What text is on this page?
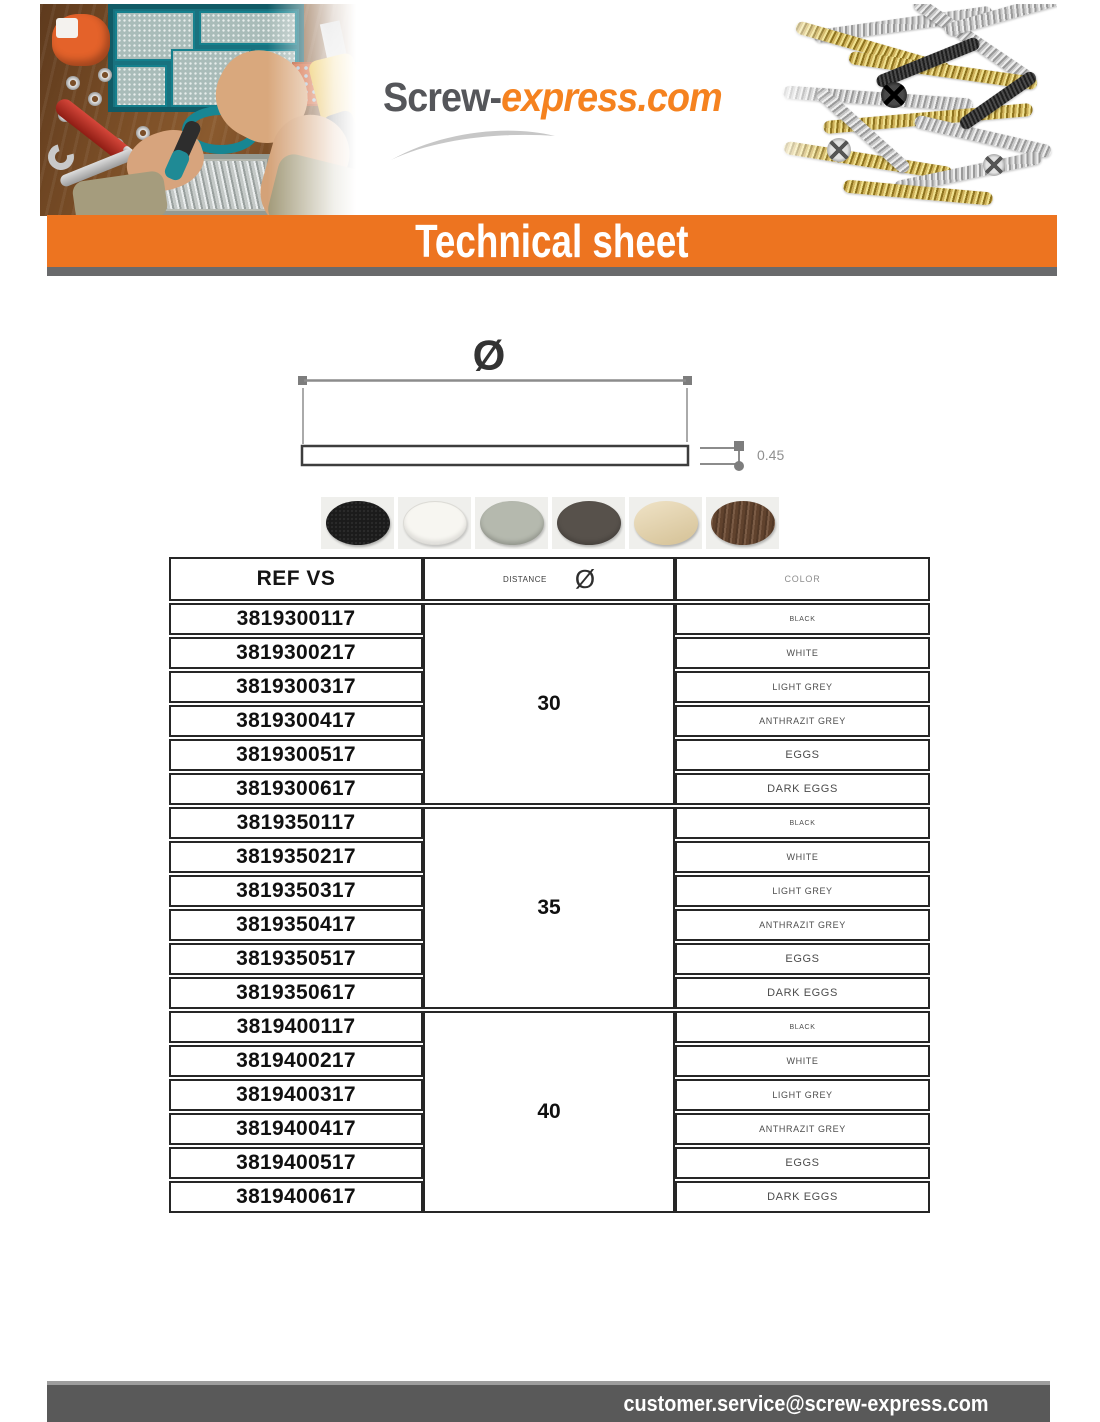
Screw-express.com
Technical sheet
Ø
0.45
REF VS	DISTANCE Ø	COLOR
3819300117	30	BLACK
3819300217		WHITE
3819300317		LIGHT GREY
3819300417		ANTHRAZIT GREY
3819300517		EGGS
3819300617		DARK EGGS
3819350117	35	BLACK
3819350217		WHITE
3819350317		LIGHT GREY
3819350417		ANTHRAZIT GREY
3819350517		EGGS
3819350617		DARK EGGS
3819400117	40	BLACK
3819400217		WHITE
3819400317		LIGHT GREY
3819400417		ANTHRAZIT GREY
3819400517		EGGS
3819400617		DARK EGGS
customer.service@screw-express.com
